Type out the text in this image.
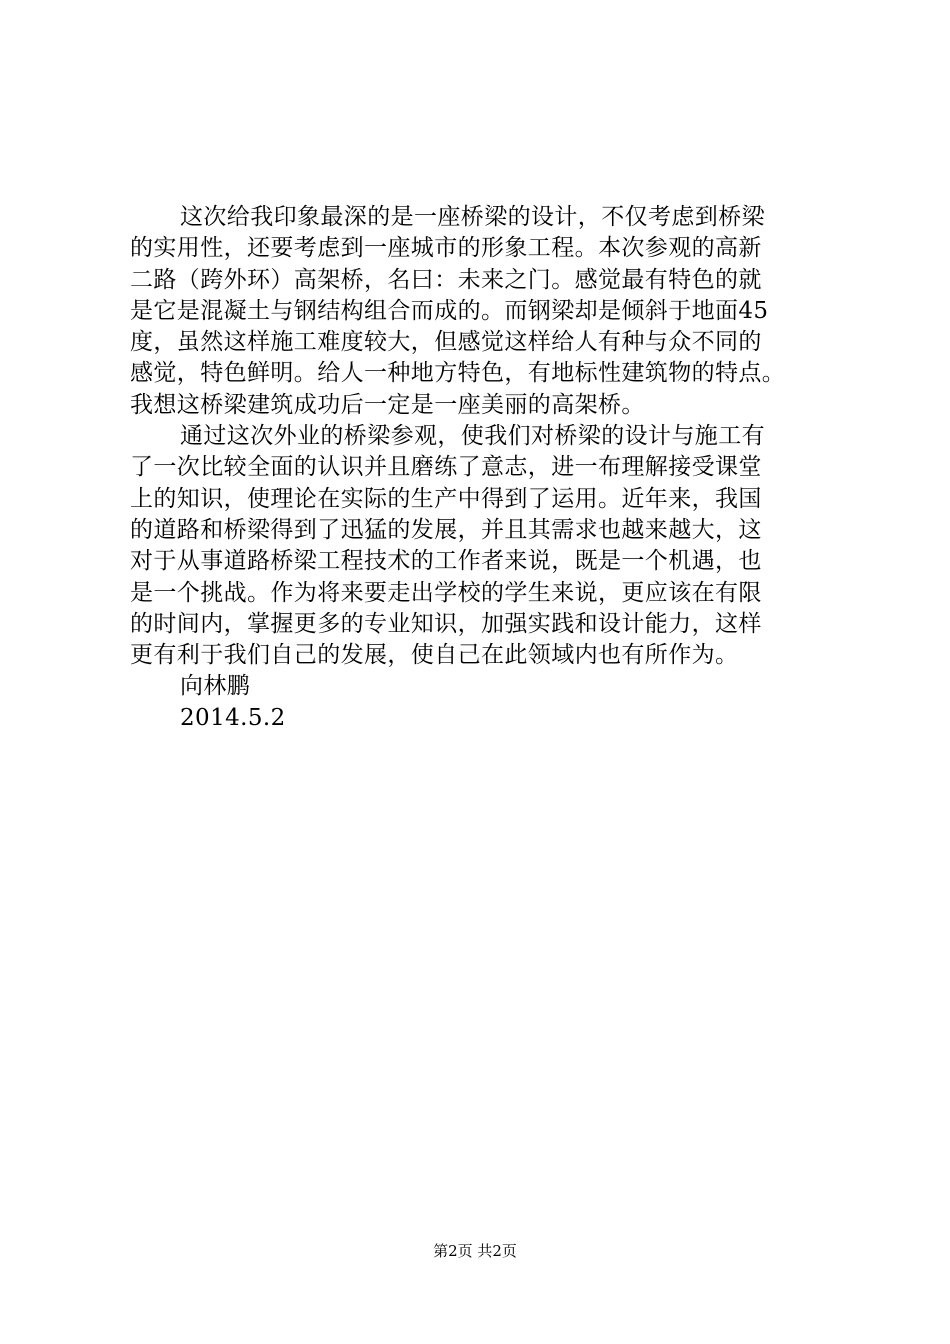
这次给我印象最深的是一座桥梁的设计，不仅考虑到桥梁
的实用性，还要考虑到一座城市的形象工程。本次参观的高新
二路（跨外环）高架桥，名曰：未来之门。感觉最有特色的就
是它是混凝土与钢结构组合而成的。而钢梁却是倾斜于地面45
度，虽然这样施工难度较大，但感觉这样给人有种与众不同的
感觉，特色鲜明。给人一种地方特色，有地标性建筑物的特点。
我想这桥梁建筑成功后一定是一座美丽的高架桥。
通过这次外业的桥梁参观，使我们对桥梁的设计与施工有
了一次比较全面的认识并且磨练了意志，进一布理解接受课堂
上的知识，使理论在实际的生产中得到了运用。近年来，我国
的道路和桥梁得到了迅猛的发展，并且其需求也越来越大，这
对于从事道路桥梁工程技术的工作者来说，既是一个机遇，也
是一个挑战。作为将来要走出学校的学生来说，更应该在有限
的时间内，掌握更多的专业知识，加强实践和设计能力，这样
更有利于我们自己的发展，使自己在此领域内也有所作为。
向林鹏
2014.5.2
第2页 共2页
